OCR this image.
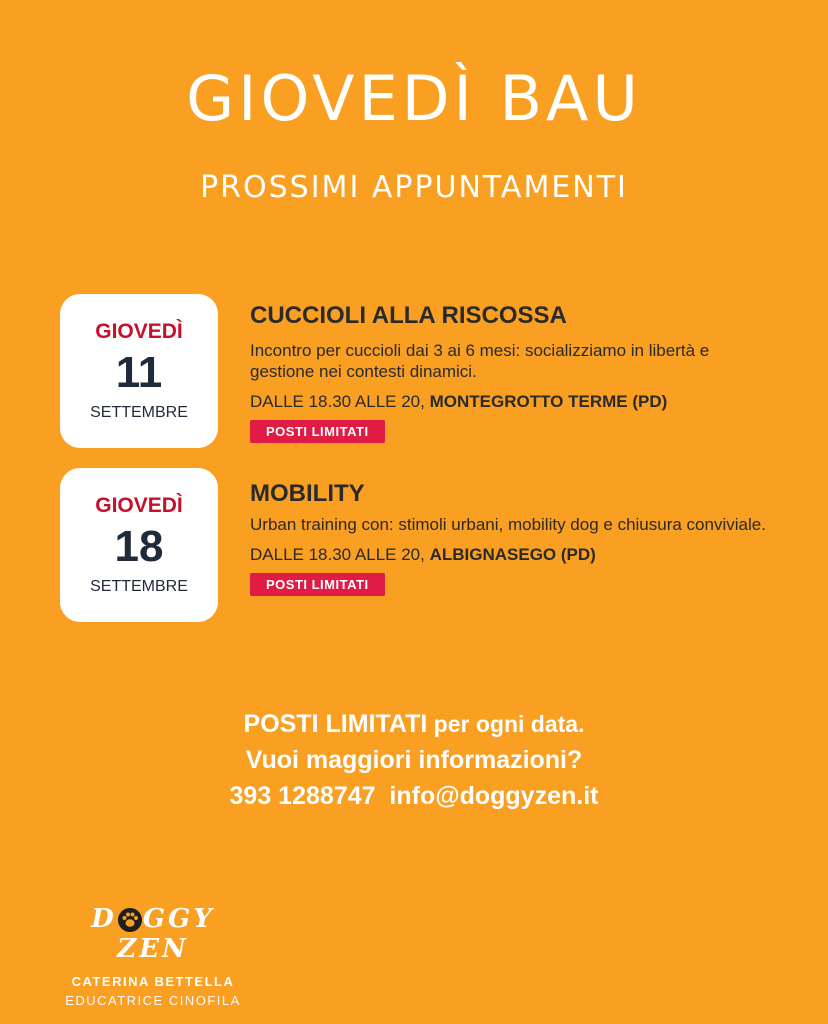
GIOVEDÌ BAU
PROSSIMI APPUNTAMENTI
GIOVEDÌ
11
SETTEMBRE
CUCCIOLI ALLA RISCOSSA
Incontro per cuccioli dai 3 ai 6 mesi: socializziamo in libertà e gestione nei contesti dinamici.
DALLE 18.30 ALLE 20, MONTEGROTTO TERME (PD)
POSTI LIMITATI
GIOVEDÌ
18
SETTEMBRE
MOBILITY
Urban training con: stimoli urbani, mobility dog e chiusura conviviale.
DALLE 18.30 ALLE 20, ALBIGNASEGO (PD)
POSTI LIMITATI
POSTI LIMITATI per ogni data.
Vuoi maggiori informazioni?
393 1288747 info@doggyzen.it
D GGY ZEN
CATERINA BETTELLA
EDUCATRICE CINOFILA
